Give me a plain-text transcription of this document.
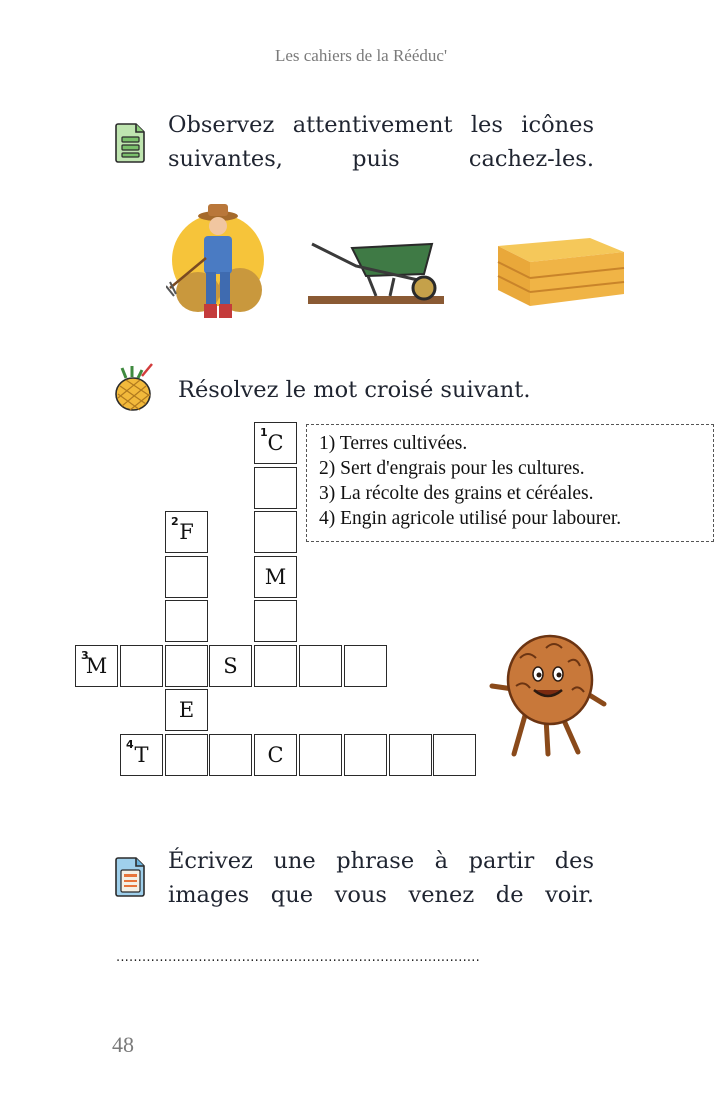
Les cahiers de la Rééduc'
Observez attentivement les icônes suivantes, puis cachez-les.
Résolvez le mot croisé suivant.
1 C
2 F
M
3
M	S
E
4 T	C
1) Terres cultivées.
2) Sert d'engrais pour les cultures.
3) La récolte des grains et céréales.
4) Engin agricole utilisé pour labourer.
Écrivez une phrase à partir des images que vous venez de voir.
....................................................................................
48
